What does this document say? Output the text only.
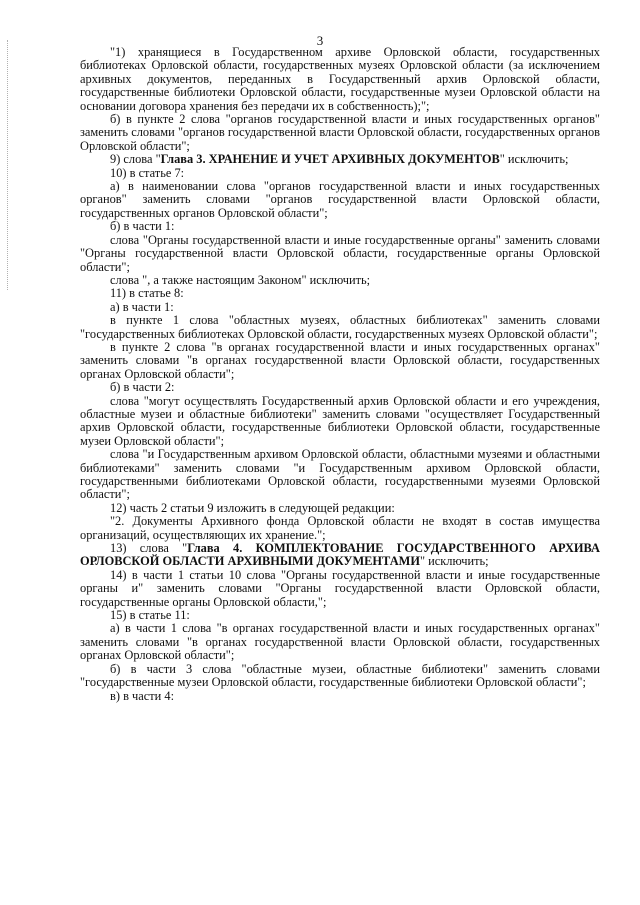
3

"1) хранящиеся в Государственном архиве Орловской области, государственных библиотеках Орловской области, государственных музеях Орловской области (за исключением архивных документов, переданных в Государственный архив Орловской области, государственные библиотеки Орловской области, государственные музеи Орловской области на основании договора хранения без передачи их в собственность);";

б) в пункте 2 слова "органов государственной власти и иных государственных органов" заменить словами "органов государственной власти Орловской области, государственных органов Орловской области";

9) слова "Глава 3. ХРАНЕНИЕ И УЧЕТ АРХИВНЫХ ДОКУМЕНТОВ" исключить;

10) в статье 7:

а) в наименовании слова "органов государственной власти и иных государственных органов" заменить словами "органов государственной власти Орловской области, государственных органов Орловской области";

б) в части 1:

слова "Органы государственной власти и иные государственные органы" заменить словами "Органы государственной власти Орловской области, государственные органы Орловской области";

слова ", а также настоящим Законом" исключить;

11) в статье 8:

а) в части 1:

в пункте 1 слова "областных музеях, областных библиотеках" заменить словами "государственных библиотеках Орловской области, государственных музеях Орловской области";

в пункте 2 слова "в органах государственной власти и иных государственных органах" заменить словами "в органах государственной власти Орловской области, государственных органах Орловской области";

б) в части 2:

слова "могут осуществлять Государственный архив Орловской области и его учреждения, областные музеи и областные библиотеки" заменить словами "осуществляет Государственный архив Орловской области, государственные библиотеки Орловской области, государственные музеи Орловской области";

слова "и Государственным архивом Орловской области, областными музеями и областными библиотеками" заменить словами "и Государственным архивом Орловской области, государственными библиотеками Орловской области, государственными музеями Орловской области";

12) часть 2 статьи 9 изложить в следующей редакции:

"2. Документы Архивного фонда Орловской области не входят в состав имущества организаций, осуществляющих их хранение.";

13) слова "Глава 4. КОМПЛЕКТОВАНИЕ ГОСУДАРСТВЕННОГО АРХИВА ОРЛОВСКОЙ ОБЛАСТИ АРХИВНЫМИ ДОКУМЕНТАМИ" исключить;

14) в части 1 статьи 10 слова "Органы государственной власти и иные государственные органы и" заменить словами "Органы государственной власти Орловской области, государственные органы Орловской области,";

15) в статье 11:

а) в части 1 слова "в органах государственной власти и иных государственных органах" заменить словами "в органах государственной власти Орловской области, государственных органах Орловской области";

б) в части 3 слова "областные музеи, областные библиотеки" заменить словами "государственные музеи Орловской области, государственные библиотеки Орловской области";

в) в части 4:
